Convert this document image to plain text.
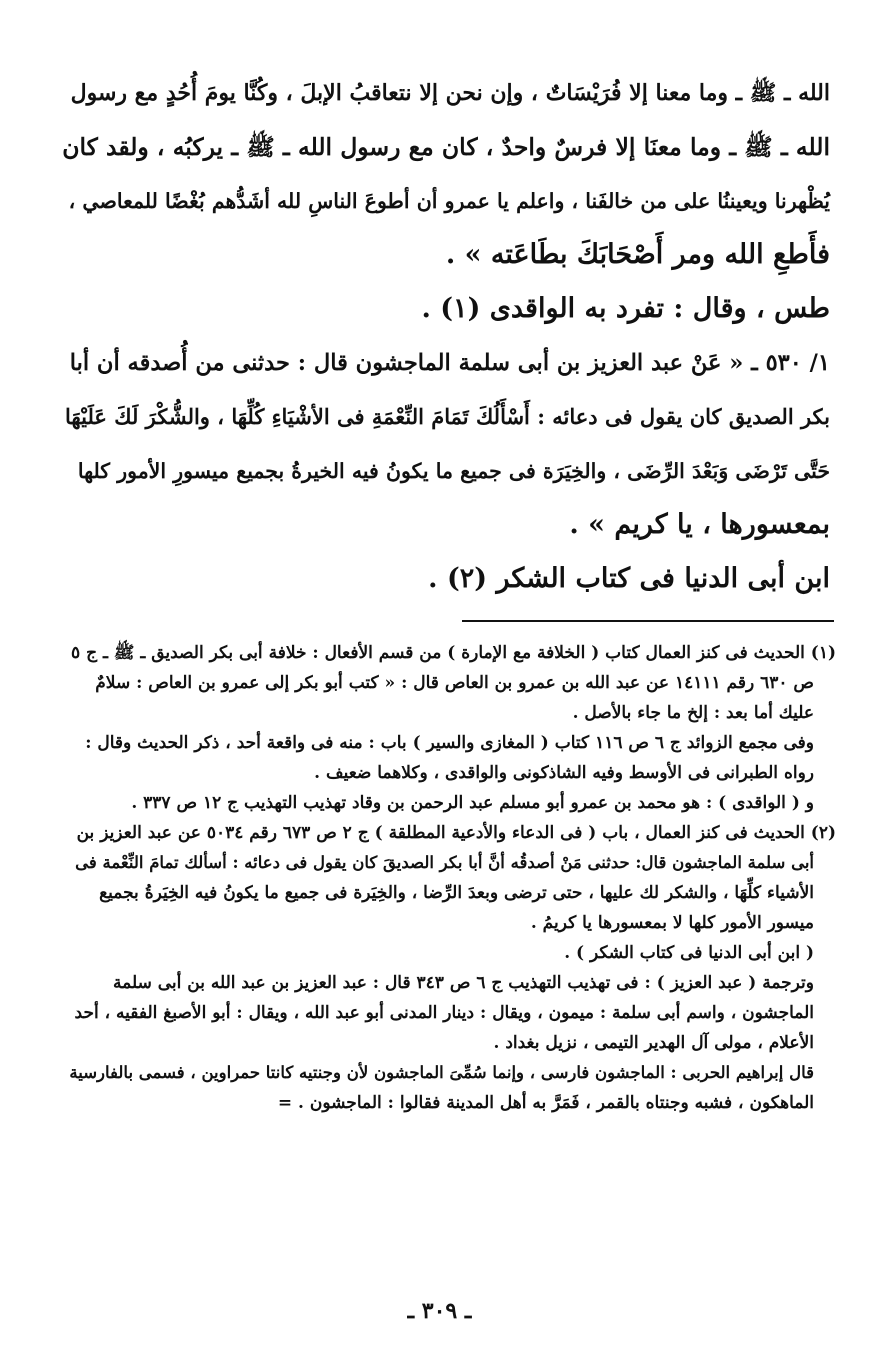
الله ـ ﷺ ـ وما معنا إلا فُرَيْسَاتٌ ، وإن نحن إلا نتعاقبُ الإبلَ ، وكُنَّا يومَ أُحُدٍ مع رسول

الله ـ ﷺ ـ وما معنَا إلا فرسٌ واحدٌ ، كان مع رسول الله ـ ﷺ ـ يركبُه ، ولقد كان

يُظْهرنا ويعيننُا على من خالفَنا ، واعلم يا عمرو أن أطوعَ الناسِ لله أشَدُّهم بُغْضًا للمعاصي ،

فأَطعِ الله ومر أَصْحَابَكَ بطَاعَته » .

طس ، وقال : تفرد به الواقدى (١) .

١/ ٥٣٠ ـ « عَنْ عبد العزيز بن أبى سلمة الماجشون قال : حدثنى من أُصدقه أن أبا

بكر الصديق كان يقول فى دعائه : أَسْأَلُكَ تَمَامَ النِّعْمَةِ فى الأشْيَاءِ كُلِّهَا ، والشُّكْرَ لَكَ عَلَيْهَا

حَتَّى تَرْضَى وَبَعْدَ الرِّضَى ، والخِيَرَة فى جميع ما يكونُ فيه الخيرةُ بجميع ميسورِ الأمور كلها

بمعسورها ، يا كريم » .

ابن أبى الدنيا فى كتاب الشكر (٢) .

(١) الحديث فى كنز العمال كتاب ( الخلافة مع الإمارة ) من قسم الأفعال : خلافة أبى بكر الصديق ـ ﷺ ـ ج ٥

ص ٦٣٠ رقم ١٤١١١ عن عبد الله بن عمرو بن العاص قال : « كتب أبو بكر إلى عمرو بن العاص : سلامٌ

عليك أما بعد : إلخ ما جاء بالأصل .

وفى مجمع الزوائد ج ٦ ص ١١٦ كتاب ( المغازى والسير ) باب : منه فى واقعة أحد ، ذكر الحديث وقال :

رواه الطبرانى فى الأوسط وفيه الشاذكونى والواقدى ، وكلاهما ضعيف .

و ( الواقدى ) : هو محمد بن عمرو أبو مسلم عبد الرحمن بن وقاد تهذيب التهذيب ج ١٢ ص ٣٣٧ .

(٢) الحديث فى كنز العمال ، باب ( فى الدعاء والأدعية المطلقة ) ج ٢ ص ٦٧٣ رقم ٥٠٣٤ عن عبد العزيز بن

أبى سلمة الماجشون قال: حدثنى مَنْ أصدقُه أنَّ أبا بكر الصديقَ كان يقول فى دعائه : أسألك تمامَ النِّعْمة فى

الأشياء كلِّهَا ، والشكر لك عليها ، حتى ترضى وبعدَ الرِّضا ، والخِيَرة فى جميع ما يكونُ فيه الخِيَرةُ بجميع

ميسور الأمور كلها لا بمعسورها يا كريمُ .

( ابن أبى الدنيا فى كتاب الشكر ) .

وترجمة ( عبد العزيز ) : فى تهذيب التهذيب ج ٦ ص ٣٤٣ قال : عبد العزيز بن عبد الله بن أبى سلمة

الماجشون ، واسم أبى سلمة : ميمون ، ويقال : دينار المدنى أبو عبد الله ، ويقال : أبو الأصبغ الفقيه ، أحد

الأعلام ، مولى آل الهدير التيمى ، نزيل بغداد .

قال إبراهيم الحربى : الماجشون فارسى ، وإنما سُمِّىَ الماجشون لأن وجنتيه كانتا حمراوين ، فسمى بالفارسية

الماهكون ، فشبه وجنتاه بالقمر ، فَمَرَّ به أهل المدينة فقالوا : الماجشون . =

ـ ٣٠٩ ـ
